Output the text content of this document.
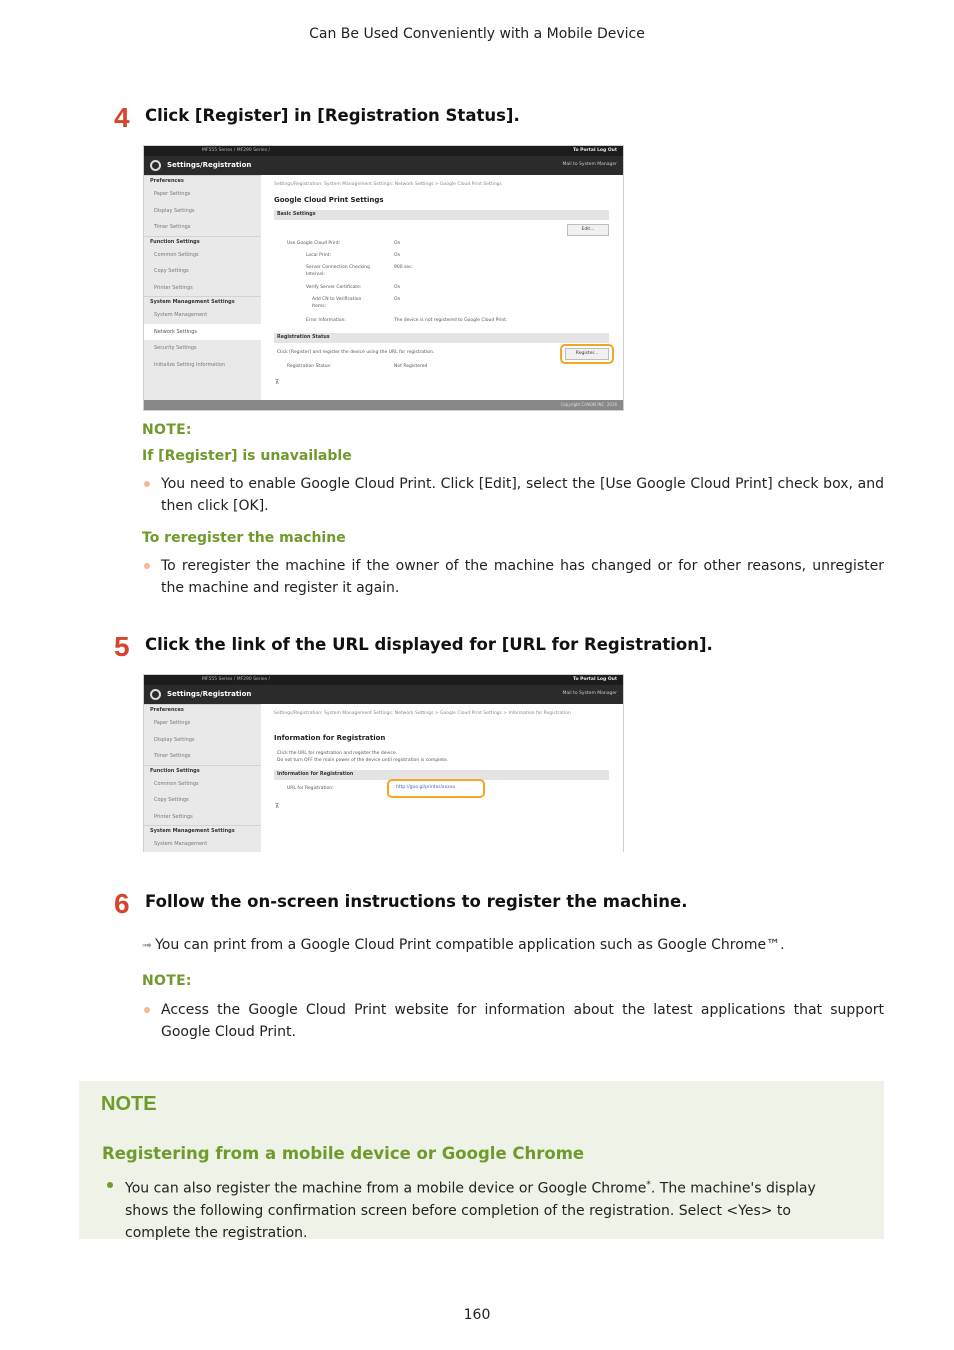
Can Be Used Conveniently with a Mobile Device
4 Click [Register] in [Registration Status].
MF555 Series / MF290 Series /	To Portal Log Out
Settings/Registration	Mail to System Manager
Preferences
Paper Settings
Display Settings
Timer Settings
Function Settings
Common Settings
Copy Settings
Printer Settings
System Management Settings
System Management
Network Settings
Security Settings
Initialize Setting Information
Settings/Registration: System Management Settings: Network Settings > Google Cloud Print Settings
Google Cloud Print Settings
Basic Settings
Edit...
Use Google Cloud Print:	On
Local Print:	On
Server Connection Checking
Interval:
900 sec.
Verify Server Certificate:	On
Add CN to Verification
Items:
On
Error Information:	The device is not registered to Google Cloud Print.
Registration Status
Click [Register] and register the device using the URL for registration.	Register...
Registration Status:	Not Registered
⊼
Copyright CANON INC. 2016
NOTE:
If [Register] is unavailable
You need to enable Google Cloud Print. Click [Edit], select the [Use Google Cloud Print] check box, and then click [OK].
To reregister the machine
To reregister the machine if the owner of the machine has changed or for other reasons, unregister the machine and register it again.
5 Click the link of the URL displayed for [URL for Registration].
MF555 Series / MF290 Series /	To Portal Log Out
Settings/Registration	Mail to System Manager
Preferences
Paper Settings
Display Settings
Timer Settings
Function Settings
Common Settings
Copy Settings
Printer Settings
System Management Settings
System Management
Settings/Registration: System Management Settings: Network Settings > Google Cloud Print Settings > Information for Registration
Information for Registration
Click the URL for registration and register the device.
Do not turn OFF the main power of the device until registration is complete.
Information for Registration
URL for Registration:	http://goo.gl/printer/xxxxx
⊼
6 Follow the on-screen instructions to register the machine.
➟ You can print from a Google Cloud Print compatible application such as Google Chrome™.
NOTE:
Access the Google Cloud Print website for information about the latest applications that support Google Cloud Print.
NOTE
Registering from a mobile device or Google Chrome
You can also register the machine from a mobile device or Google Chrome*. The machine's display shows the following confirmation screen before completion of the registration. Select <Yes> to complete the registration.
160
